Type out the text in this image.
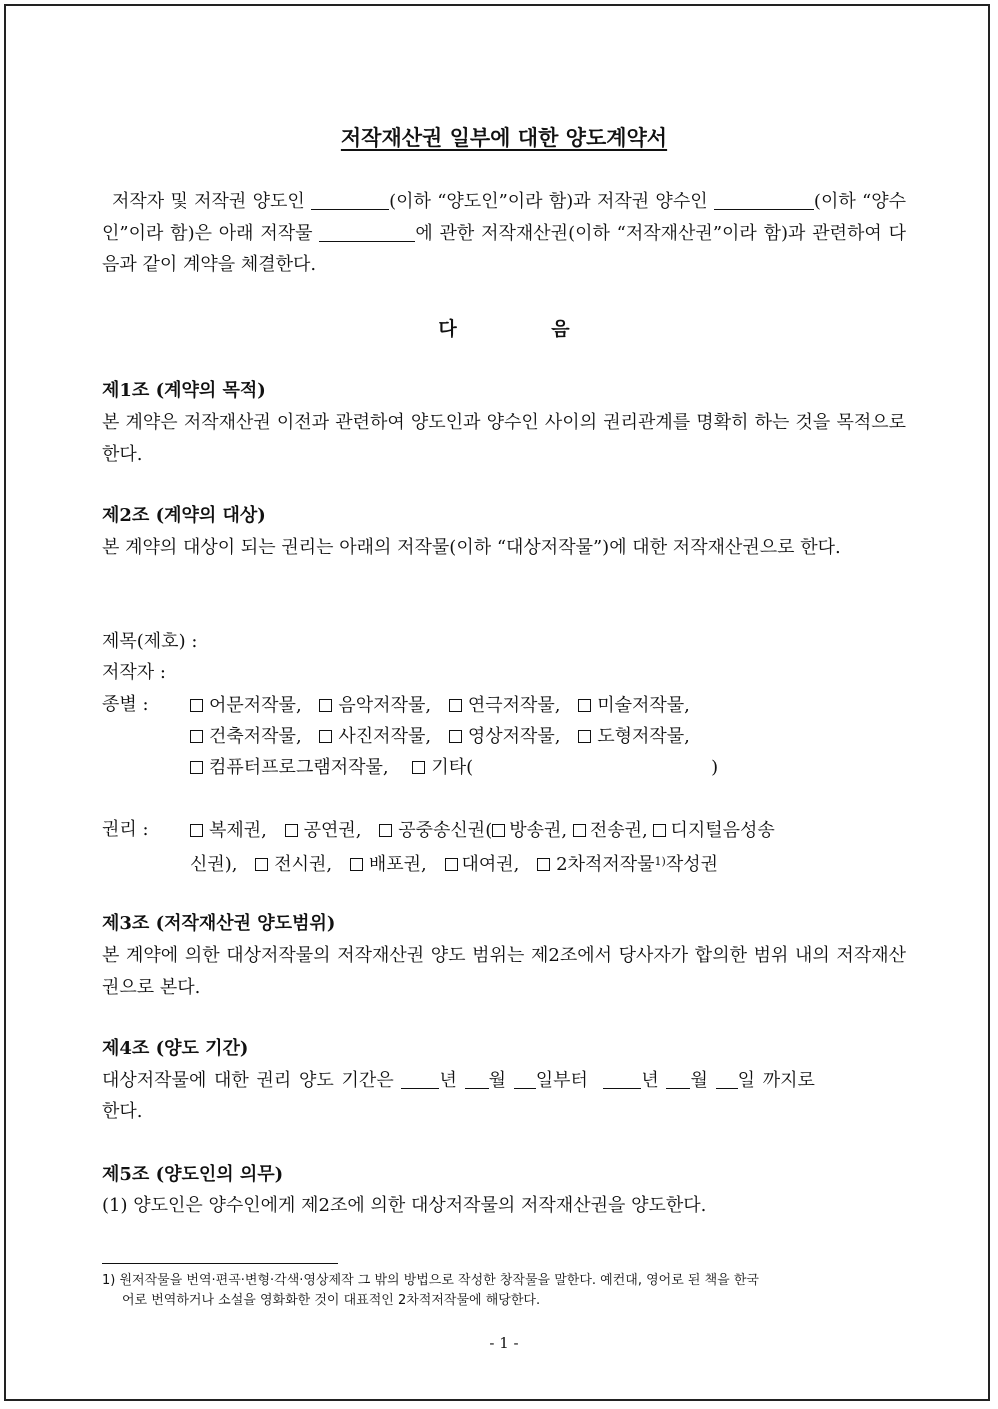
저작재산권 일부에 대한 양도계약서
저작자 및 저작권 양도인	(이하 “양도인”이라 함)과 저작권 양수인	(이하 “양수인”이라 함)은 아래 저작물	에 관한 저작재산권(이하 “저작재산권”이라 함)과 관련하여 다음과 같이 계약을 체결한다.
다 음
제1조 (계약의 목적)
본 계약은 저작재산권 이전과 관련하여 양도인과 양수인 사이의 권리관계를 명확히 하는 것을 목적으로 한다.
제2조 (계약의 대상)
본 계약의 대상이 되는 권리는 아래의 저작물(이하 “대상저작물”)에 대한 저작재산권으로 한다.
제목(제호) :
저작자 :
종별 :	어문저작물, 음악저작물, 연극저작물, 미술저작물,
건축저작물, 사진저작물, 영상저작물, 도형저작물,
컴퓨터프로그램저작물, 기타(	)
권리 :	복제권, 공연권, 공중송신권( 방송권, 전송권, 디지털음성송
신권), 전시권, 배포권, 대여권, 2차적저작물$^{1)}$작성권
제3조 (저작재산권 양도범위)
본 계약에 의한 대상저작물의 저작재산권 양도 범위는 제2조에서 당사자가 합의한 범위 내의 저작재산권으로 본다.
제4조 (양도 기간)
대상저작물에 대한 권리 양도 기간은	년 월 일부터	년 월 일 까지로
한다.
제5조 (양도인의 의무)
(1) 양도인은 양수인에게 제2조에 의한 대상저작물의 저작재산권을 양도한다.
1) 원저작물을 번역·편곡·변형·각색·영상제작 그 밖의 방법으로 작성한 창작물을 말한다. 예컨대, 영어로 된 책을 한국
어로 번역하거나 소설을 영화화한 것이 대표적인 2차적저작물에 해당한다.
- 1 -
